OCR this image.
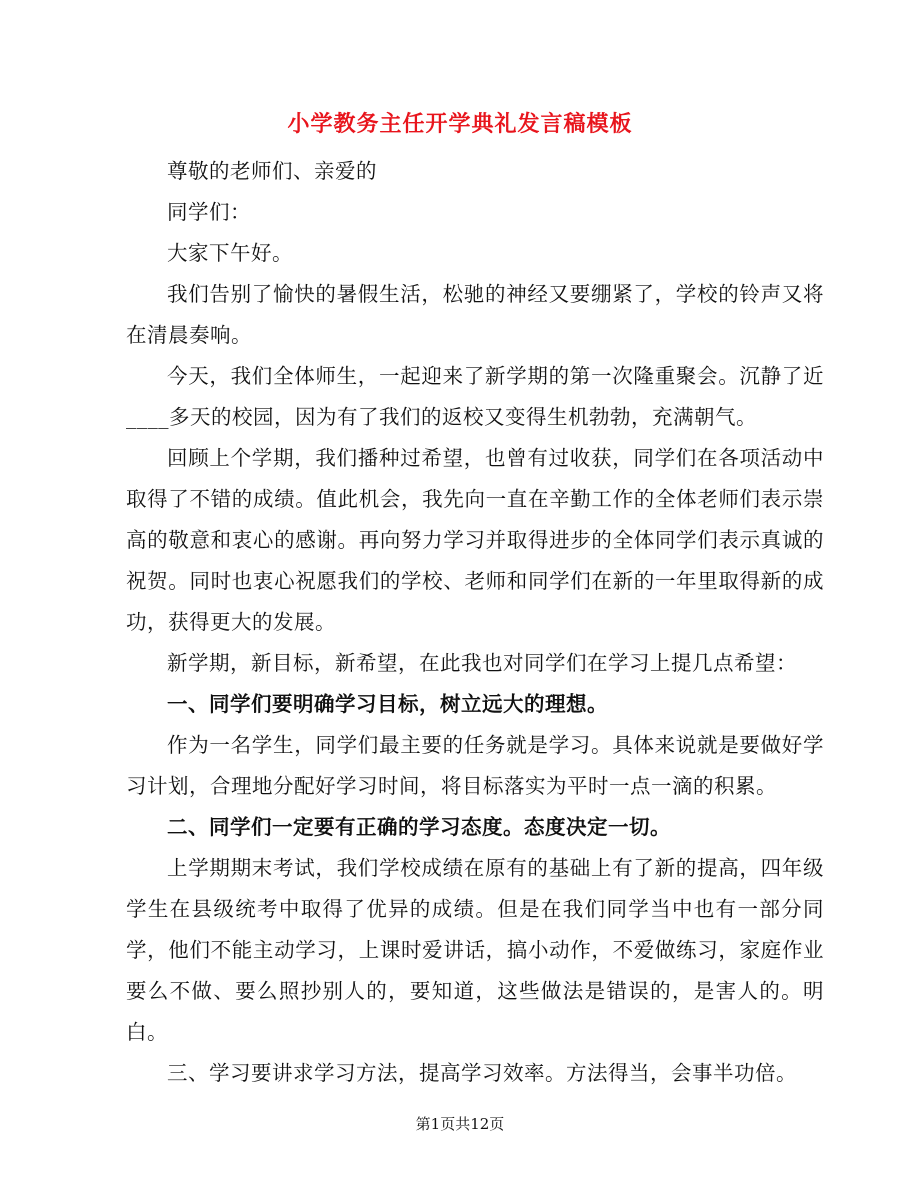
小学教务主任开学典礼发言稿模板

尊敬的老师们、亲爱的

同学们：

大家下午好。

我们告别了愉快的暑假生活，松驰的神经又要绷紧了，学校的铃声又将在清晨奏响。

今天，我们全体师生，一起迎来了新学期的第一次隆重聚会。沉静了近____多天的校园，因为有了我们的返校又变得生机勃勃，充满朝气。

回顾上个学期，我们播种过希望，也曾有过收获，同学们在各项活动中取得了不错的成绩。值此机会，我先向一直在辛勤工作的全体老师们表示崇高的敬意和衷心的感谢。再向努力学习并取得进步的全体同学们表示真诚的祝贺。同时也衷心祝愿我们的学校、老师和同学们在新的一年里取得新的成功，获得更大的发展。

新学期，新目标，新希望，在此我也对同学们在学习上提几点希望：

一、同学们要明确学习目标，树立远大的理想。

作为一名学生，同学们最主要的任务就是学习。具体来说就是要做好学习计划，合理地分配好学习时间，将目标落实为平时一点一滴的积累。

二、同学们一定要有正确的学习态度。态度决定一切。

上学期期末考试，我们学校成绩在原有的基础上有了新的提高，四年级学生在县级统考中取得了优异的成绩。但是在我们同学当中也有一部分同学，他们不能主动学习，上课时爱讲话，搞小动作，不爱做练习，家庭作业要么不做、要么照抄别人的，要知道，这些做法是错误的，是害人的。明白。

三、学习要讲求学习方法，提高学习效率。方法得当，会事半功倍。

第1页共12页
